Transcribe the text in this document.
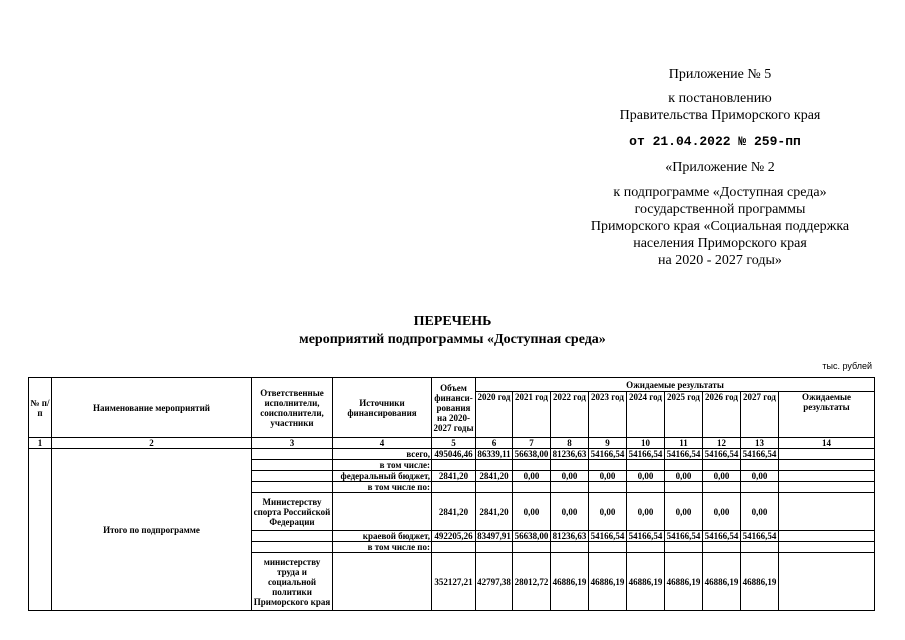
Приложение № 5
к постановлению
Правительства Приморского края
от 21.04.2022 № 259-пп
«Приложение № 2
к подпрограмме «Доступная среда»
государственной программы
Приморского края «Социальная поддержка
населения Приморского края
на 2020 - 2027 годы»
ПЕРЕЧЕНЬ
мероприятий подпрограммы «Доступная среда»
тыс. рублей
№ п/п	Наименование мероприятий	Ответственные исполнители, соисполнители, участники	Источники финансирования	Объем финанси-рования на 2020-2027 годы	Ожидаемые результаты								
					2020 год	2021 год	2022 год	2023 год	2024 год	2025 год	2026 год	2027 год	Ожидаемые результаты
1	2	3	4	5	6	7	8	9	10	11	12	13	14
	Итого по подпрограмме		всего,	495046,46	86339,11	56638,00	81236,63	54166,54	54166,54	54166,54	54166,54	54166,54	
			в том числе:										
			федеральный бюджет,	2841,20	2841,20	0,00	0,00	0,00	0,00	0,00	0,00	0,00	
			в том числе по:										
		Министерству спорта Российской Федерации		2841,20	2841,20	0,00	0,00	0,00	0,00	0,00	0,00	0,00	
			краевой бюджет,	492205,26	83497,91	56638,00	81236,63	54166,54	54166,54	54166,54	54166,54	54166,54	
			в том числе по:										
		министерству труда и социальной политики Приморского края		352127,21	42797,38	28012,72	46886,19	46886,19	46886,19	46886,19	46886,19	46886,19	
